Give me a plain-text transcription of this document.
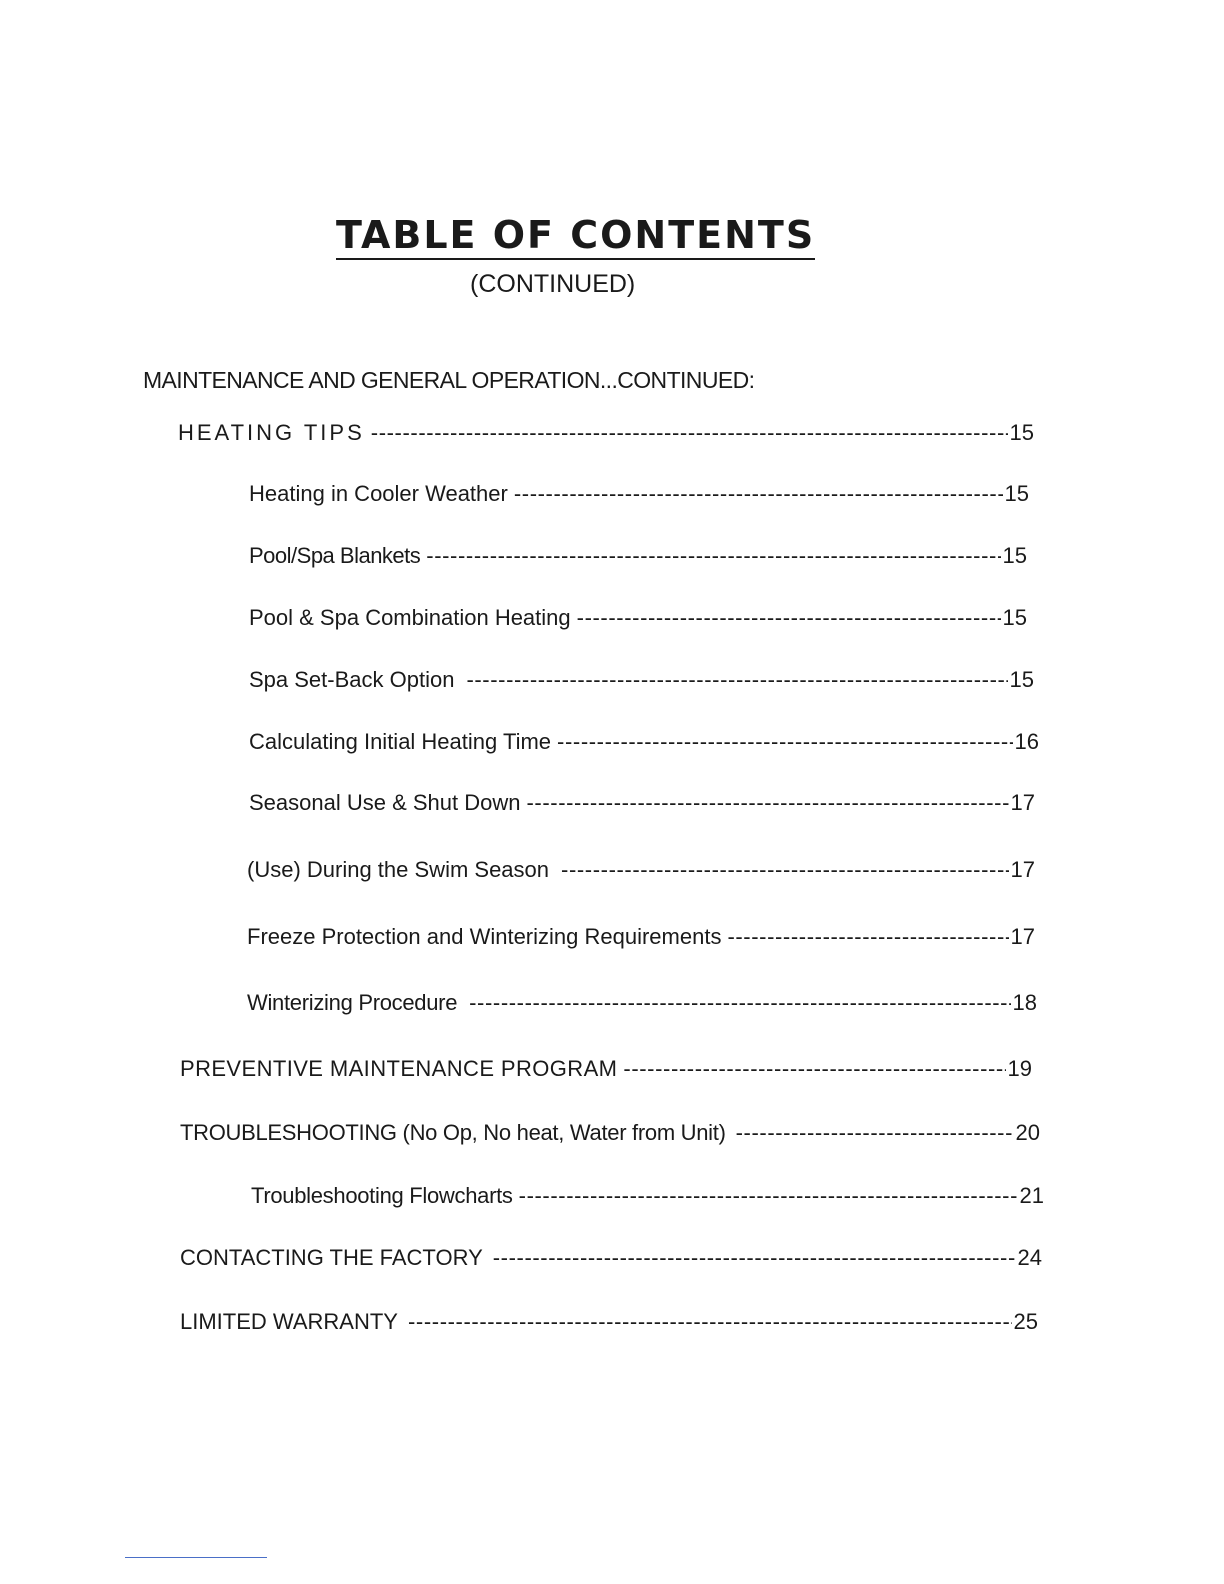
TABLE OF CONTENTS
(CONTINUED)
MAINTENANCE AND GENERAL OPERATION...CONTINUED:
HEATING TIPS -----	15
Heating in Cooler Weather -----	15
Pool/Spa Blankets -----	15
Pool & Spa Combination Heating -----	15
Spa Set-Back Option -----	15
Calculating Initial Heating Time -----	16
Seasonal Use & Shut Down -----	17
(Use) During the Swim Season -----	17
Freeze Protection and Winterizing Requirements -----	17
Winterizing Procedure -----	18
PREVENTIVE MAINTENANCE PROGRAM -----	19
TROUBLESHOOTING (No Op, No heat, Water from Unit) -----	20
Troubleshooting Flowcharts -----	21
CONTACTING THE FACTORY -----	24
LIMITED WARRANTY -----	25
